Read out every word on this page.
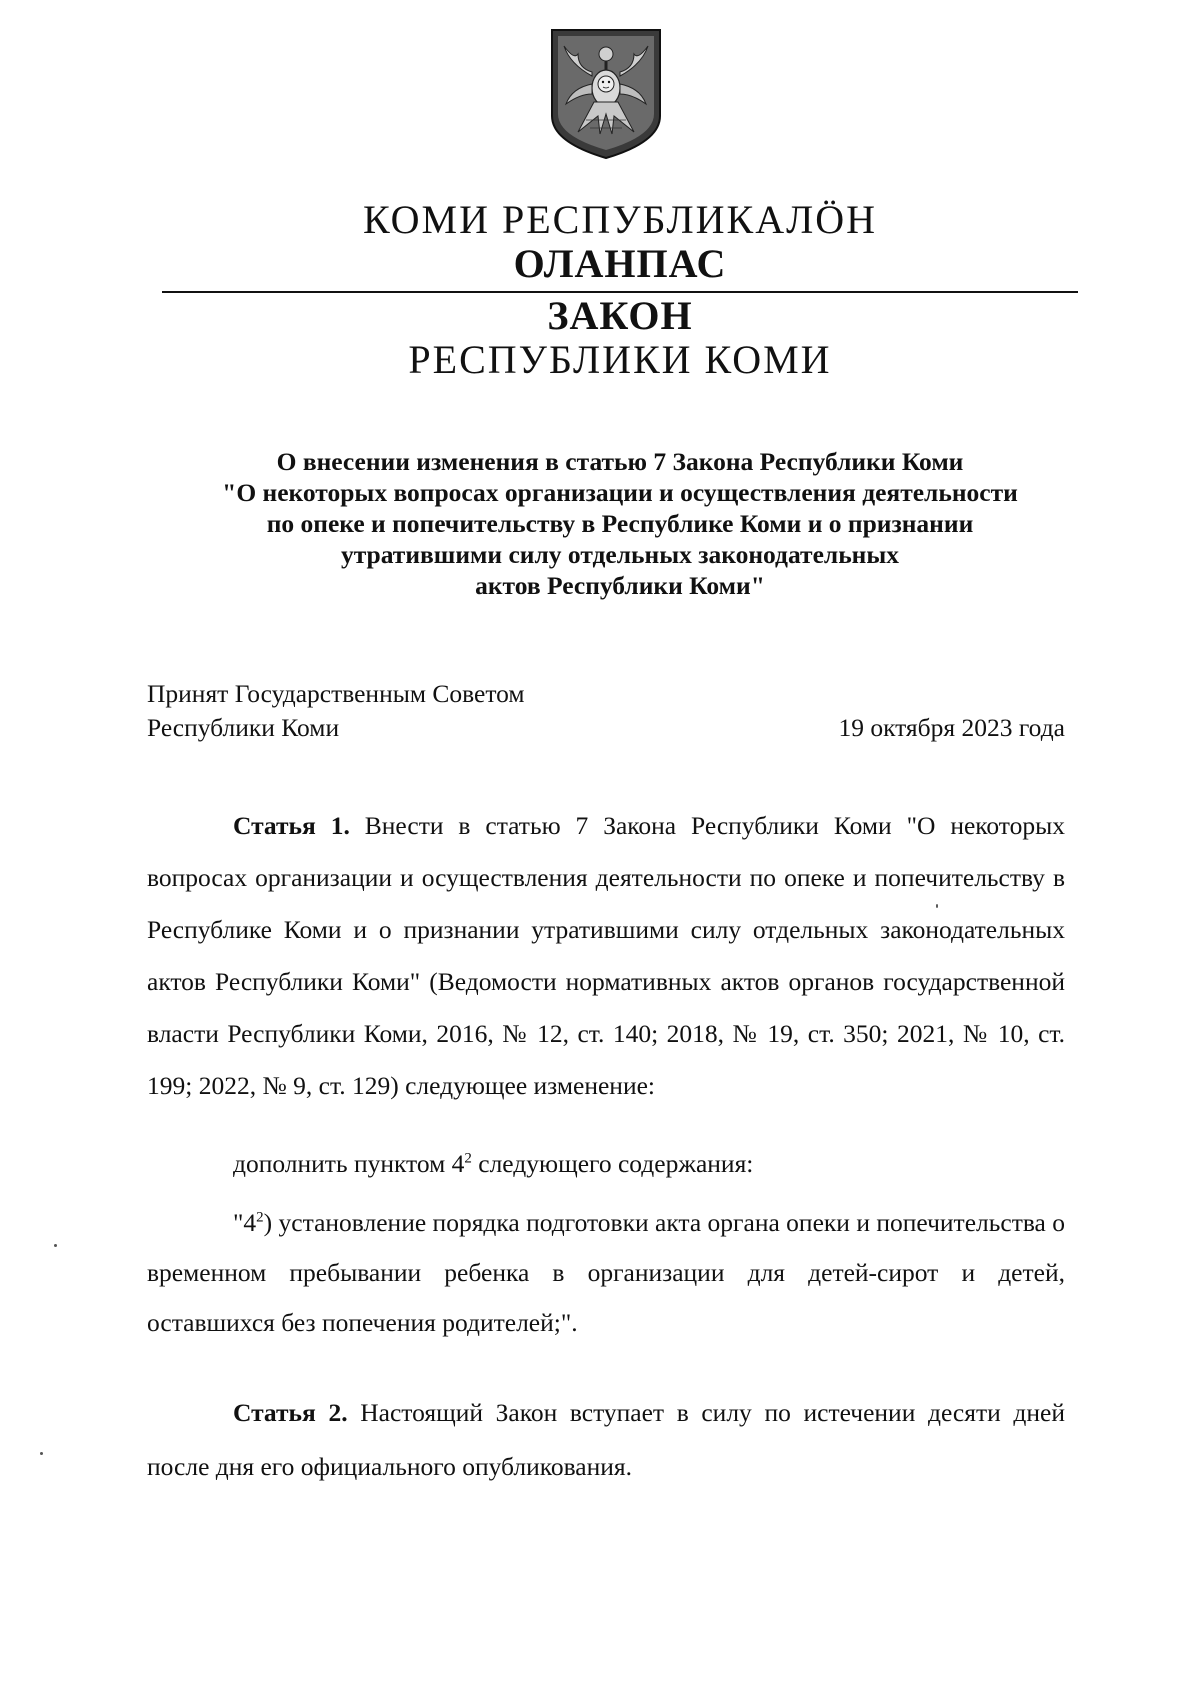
КОМИ РЕСПУБЛИКАЛӦН
ОЛАНПАС
ЗАКОН
РЕСПУБЛИКИ КОМИ
О внесении изменения в статью 7 Закона Республики Коми
"О некоторых вопросах организации и осуществления деятельности
по опеке и попечительству в Республике Коми и о признании
утратившими силу отдельных законодательных
актов Республики Коми"
Принят Государственным Советом
Республики Коми	19 октября 2023 года
Статья 1. Внести в статью 7 Закона Республики Коми "О некоторых вопросах организации и осуществления деятельности по опеке и попечительству в Республике Коми и о признании утратившими силу отдельных законодательных актов Республики Коми" (Ведомости нормативных актов органов государственной власти Республики Коми, 2016, № 12, ст. 140; 2018, № 19, ст. 350; 2021, № 10, ст. 199; 2022, № 9, ст. 129) следующее изменение:
дополнить пунктом $4^2$ следующего содержания:
"$4^2$) установление порядка подготовки акта органа опеки и попечительства о временном пребывании ребенка в организации для детей-сирот и детей, оставшихся без попечения родителей;".
Статья 2. Настоящий Закон вступает в силу по истечении десяти дней после дня его официального опубликования.
